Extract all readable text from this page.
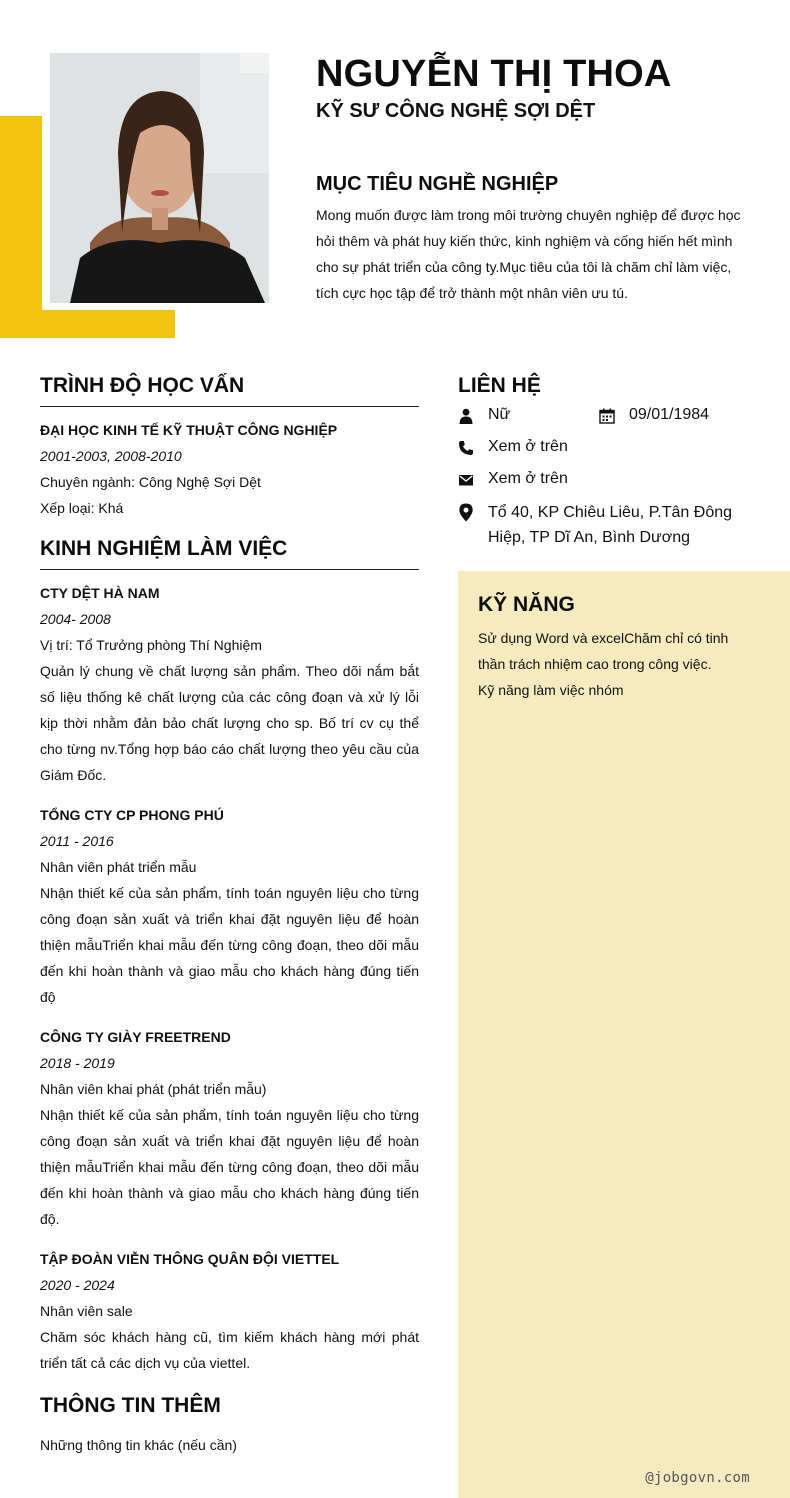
NGUYỄN THỊ THOA
KỸ SƯ CÔNG NGHỆ SỢI DỆT
MỤC TIÊU NGHỀ NGHIỆP

Mong muốn được làm trong môi trường chuyên nghiệp để được học hỏi thêm và phát huy kiến thức, kinh nghiệm và cống hiến hết mình cho sự phát triển của công ty.Mục tiêu của tôi là chăm chỉ làm việc, tích cực học tập để trở thành một nhân viên ưu tú.

TRÌNH ĐỘ HỌC VẤN
ĐẠI HỌC KINH TẾ KỸ THUẬT CÔNG NGHIỆP
2001-2003, 2008-2010
Chuyên ngành: Công Nghệ Sợi Dệt
Xếp loại: Khá
KINH NGHIỆM LÀM VIỆC
CTY DỆT HÀ NAM
2004- 2008
Vị trí: Tổ Trưởng phòng Thí Nghiệm
Quản lý chung về chất lượng sản phẩm. Theo dõi nắm bắt số liệu thống kê chất lượng của các công đoạn và xử lý lỗi kịp thời nhằm đản bảo chất lượng cho sp. Bố trí cv cụ thể cho từng nv.Tổng hợp báo cáo chất lượng theo yêu cầu của Giám Đốc.
TỔNG CTY CP PHONG PHÚ
2011 - 2016
Nhân viên phát triển mẫu
Nhận thiết kế của sản phẩm, tính toán nguyên liệu cho từng công đoạn sản xuất và triển khai đặt nguyên liệu để hoàn thiện mẫuTriển khai mẫu đến từng công đoạn, theo dõi mẫu đến khi hoàn thành và giao mẫu cho khách hàng đúng tiến độ
CÔNG TY GIÀY FREETREND
2018 - 2019
Nhân viên khai phát (phát triển mẫu)
Nhận thiết kế của sản phẩm, tính toán nguyên liệu cho từng công đoạn sản xuất và triển khai đặt nguyên liệu để hoàn thiện mẫuTriển khai mẫu đến từng công đoạn, theo dõi mẫu đến khi hoàn thành và giao mẫu cho khách hàng đúng tiến độ.
TẬP ĐOÀN VIỄN THÔNG QUÂN ĐỘI VIETTEL
2020 - 2024
Nhân viên sale
Chăm sóc khách hàng cũ, tìm kiếm khách hàng mới phát triển tất cả các dịch vụ của viettel.
THÔNG TIN THÊM
Những thông tin khác (nếu cần)
LIÊN HỆ
Nữ	09/01/1984
Xem ở trên
Xem ở trên
Tổ 40, KP Chiêu Liêu, P.Tân Đông Hiệp, TP Dĩ An, Bình Dương
KỸ NĂNG

Sử dụng Word và excelChăm chỉ có tinh thần trách nhiệm cao trong công việc.
Kỹ năng làm việc nhóm

@jobgovn.com
